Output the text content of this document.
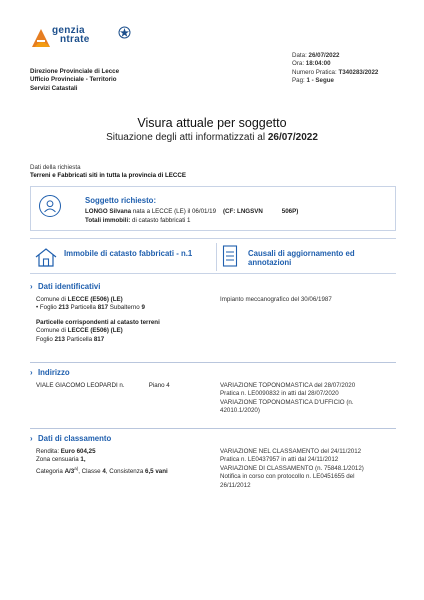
genzia
ntrate
Direzione Provinciale di Lecce
Ufficio Provinciale - Territorio
Servizi Catastali
Data: 26/07/2022
Ora: 18:04:00
Numero Pratica: T340283/2022
Pag: 1 - Segue
Visura attuale per soggetto
Situazione degli atti informatizzati al 26/07/2022
Dati della richiesta
Terreni e Fabbricati siti in tutta la provincia di LECCE
Soggetto richiesto:
LONGO Silvana nata a LECCE (LE) il 06/01/19 (CF: LNGSVN	506P)
Totali immobili: di catasto fabbricati 1
Immobile di catasto fabbricati - n.1	Causali di aggiornamento ed annotazioni
› Dati identificativi
Comune di LECCE (E506) (LE)
• Foglio 213 Particella 817 Subalterno 9
Particelle corrispondenti al catasto terreni
Comune di LECCE (E506) (LE)
Foglio 213 Particella 817
Impianto meccanografico del 30/06/1987
› Indirizzo
VIALE GIACOMO LEOPARDI n.	Piano 4	VARIAZIONE TOPONOMASTICA del 28/07/2020
Pratica n. LE0090832 in atti dal 28/07/2020
VARIAZIONE TOPONOMASTICA D'UFFICIO (n.
42010.1/2020)
› Dati di classamento
Rendita: Euro 604,25
Zona censuaria 1,
Categoria A/3$^{a)}$, Classe 4, Consistenza 6,5 vani
VARIAZIONE NEL CLASSAMENTO del 24/11/2012
Pratica n. LE0437957 in atti dal 24/11/2012
VARIAZIONE DI CLASSAMENTO (n. 75848.1/2012)
Notifica in corso con protocollo n. LE0451655 del
26/11/2012
